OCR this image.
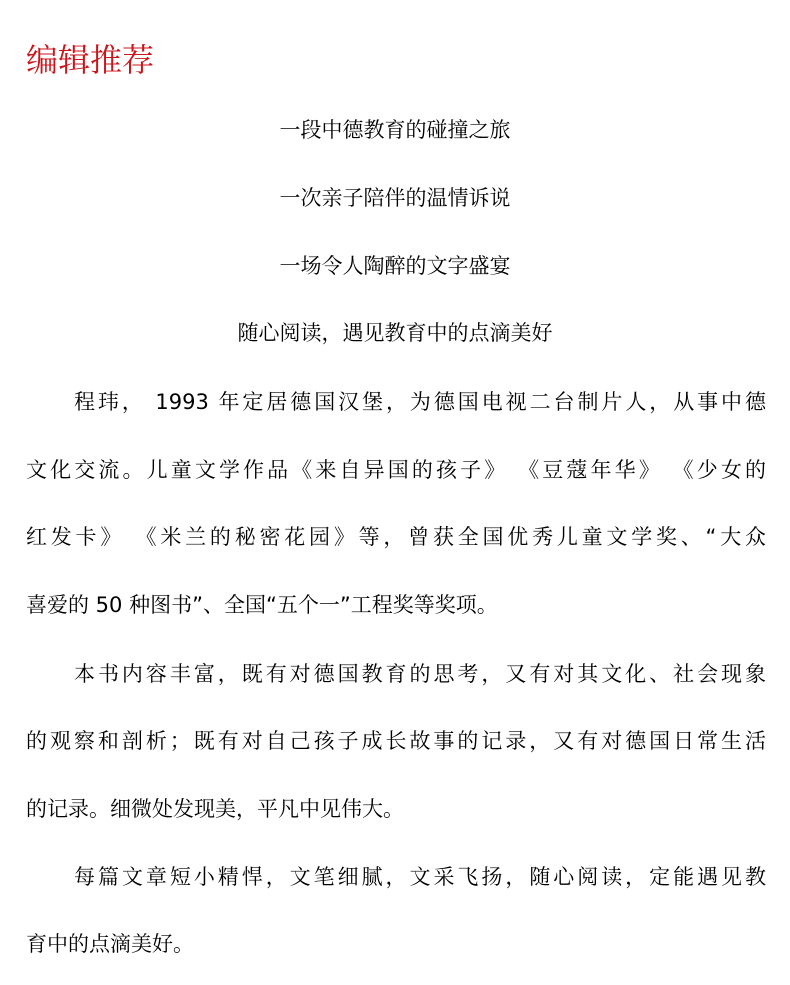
编辑推荐
一段中德教育的碰撞之旅
一次亲子陪伴的温情诉说
一场令人陶醉的文字盛宴
随心阅读，遇见教育中的点滴美好
程玮， 1993 年定居德国汉堡，为德国电视二台制片人，从事中德
文化交流。儿童文学作品《来自异国的孩子》 《豆蔻年华》 《少女的
红发卡》 《米兰的秘密花园》等，曾获全国优秀儿童文学奖、“大众
喜爱的 50 种图书”、全国“五个一”工程奖等奖项。
本书内容丰富，既有对德国教育的思考，又有对其文化、社会现象
的观察和剖析；既有对自己孩子成长故事的记录，又有对德国日常生活
的记录。细微处发现美，平凡中见伟大。
每篇文章短小精悍，文笔细腻，文采飞扬，随心阅读，定能遇见教
育中的点滴美好。
